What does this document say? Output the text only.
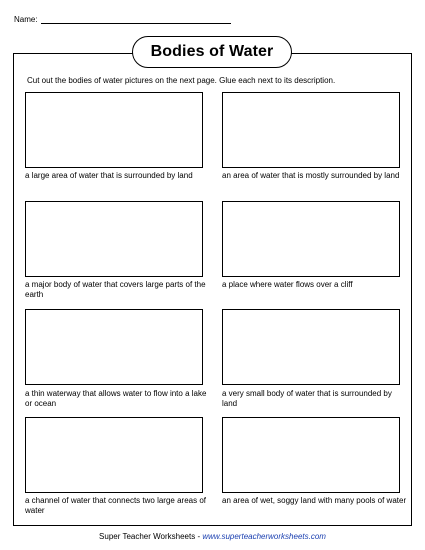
Name:
Bodies of Water
Cut out the bodies of water pictures on the next page. Glue each next to its description.
a large area of water that is surrounded by land	an area of water that is mostly surrounded by land
a major body of water that covers large parts of the earth
a place where water flows over a cliff
a thin waterway that allows water to flow into a lake or ocean
a very small body of water that is surrounded by land
a channel of water that connects two large areas of water
an area of wet, soggy land with many pools of water
Super Teacher Worksheets - www.superteacherworksheets.com
